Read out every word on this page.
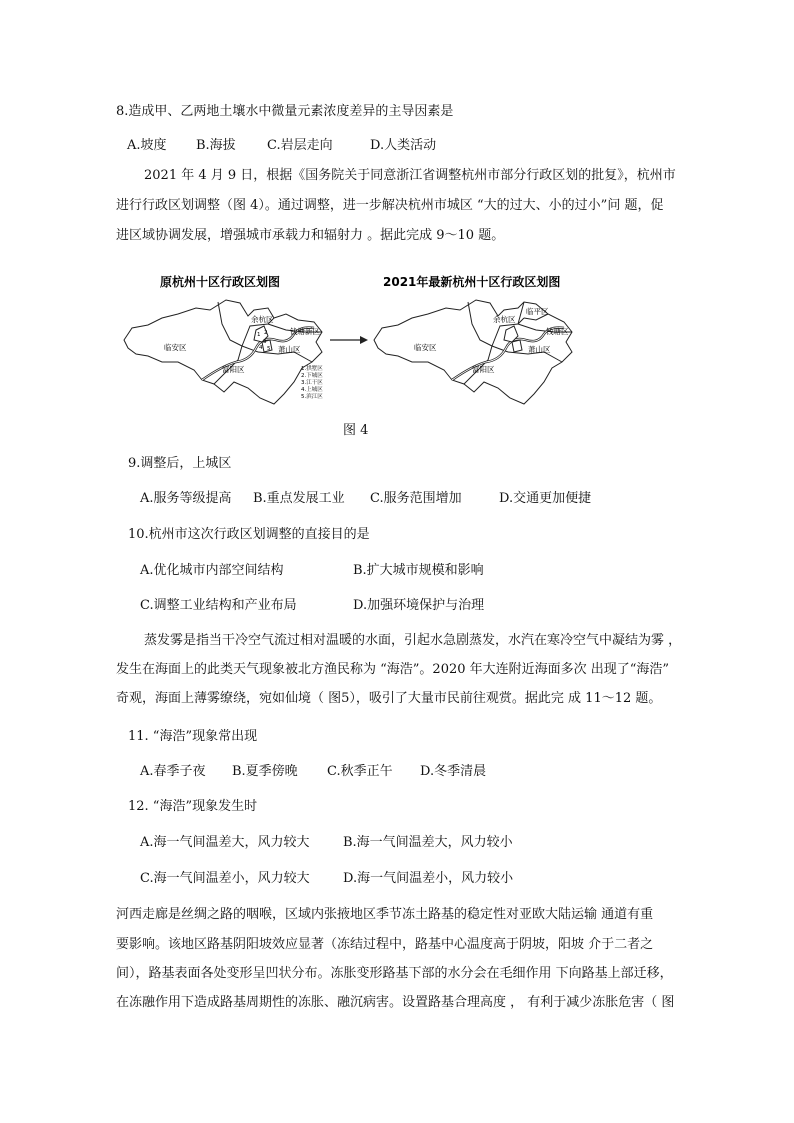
8.造成甲、乙两地土壤水中微量元素浓度差异的主导因素是
A.坡度 B.海拔 C.岩层走向	D.人类活动
2021 年 4 月 9 日，根据《国务院关于同意浙江省调整杭州市部分行政区划的批复》，杭州市
进行行政区划调整（图 4）。通过调整，进一步解决杭州市城区 “大的过大、小的过小”问 题，促
进区域协调发展，增强城市承载力和辐射力 。据此完成 9～10 题。
原杭州十区行政区划图	2021年最新杭州十区行政区划图
余杭区
临安区
富阳区
萧山区
钱塘新区
1 2
3
4 5
1.拱墅区
2.下城区
3.江干区
4.上城区
5.滨江区
余杭区
临平区
临安区
富阳区
萧山区
钱塘区
图 4
9.调整后，上城区
A.服务等级提高 B.重点发展工业 C.服务范围增加	D.交通更加便捷
10.杭州市这次行政区划调整的直接目的是
A.优化城市内部空间结构	B.扩大城市规模和影响
C.调整工业结构和产业布局	D.加强环境保护与治理
蒸发雾是指当干冷空气流过相对温暖的水面，引起水急剧蒸发，水汽在寒冷空气中凝结为雾 ，
发生在海面上的此类天气现象被北方渔民称为 “海浩”。2020 年大连附近海面多次 出现了“海浩”
奇观，海面上薄雾缭绕，宛如仙境（ 图5），吸引了大量市民前往观赏。据此完 成 11～12 题。
11. “海浩”现象常出现
A.春季子夜 B.夏季傍晚 C.秋季正午 D.冬季清晨
12. “海浩”现象发生时
A.海一气间温差大，风力较大	B.海一气间温差大，风力较小
C.海一气间温差小，风力较大	D.海一气间温差小，风力较小
河西走廊是丝绸之路的咽喉，区域内张掖地区季节冻土路基的稳定性对亚欧大陆运输 通道有重
要影响。该地区路基阴阳坡效应显著（冻结过程中，路基中心温度高于阴坡，阳坡 介于二者之
间），路基表面各处变形呈凹状分布。冻胀变形路基下部的水分会在毛细作用 下向路基上部迁移，
在冻融作用下造成路基周期性的冻胀、融沉病害。设置路基合理高度 ， 有利于减少冻胀危害（ 图
